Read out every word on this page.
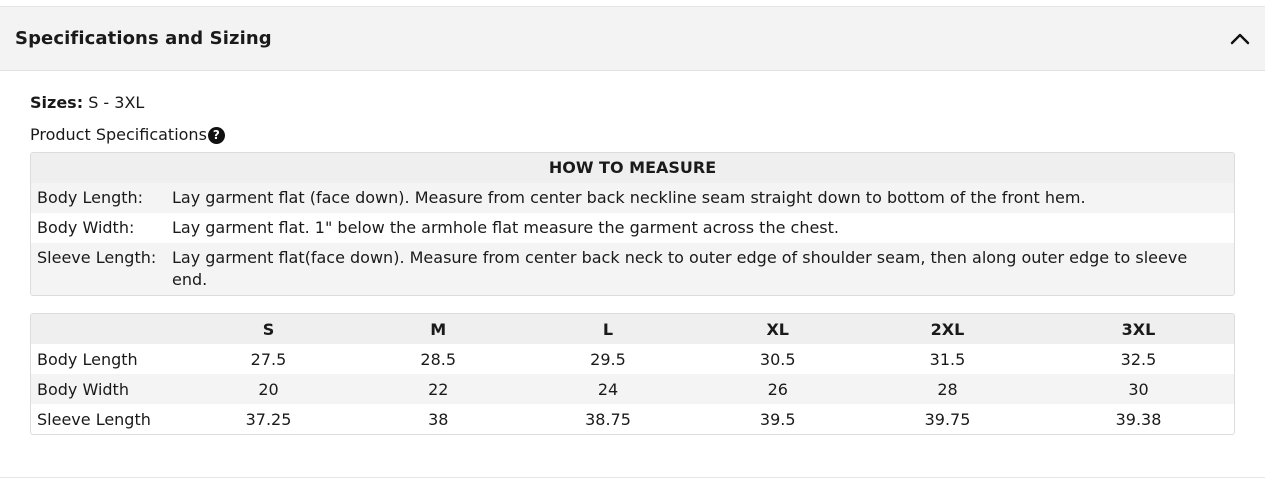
Specifications and Sizing
Sizes: S - 3XL
Product Specifications ?
HOW TO MEASURE
Body Length:	Lay garment flat (face down). Measure from center back neckline seam straight down to bottom of the front hem.
Body Width:	Lay garment flat. 1" below the armhole flat measure the garment across the chest.
Sleeve Length: Lay garment flat(face down). Measure from center back neck to outer edge of shoulder seam, then along outer edge to sleeve end.
	S	M	L	XL	2XL	3XL
Body Length	27.5	28.5	29.5	30.5	31.5	32.5
Body Width	20	22	24	26	28	30
Sleeve Length	37.25	38	38.75	39.5	39.75	39.38
